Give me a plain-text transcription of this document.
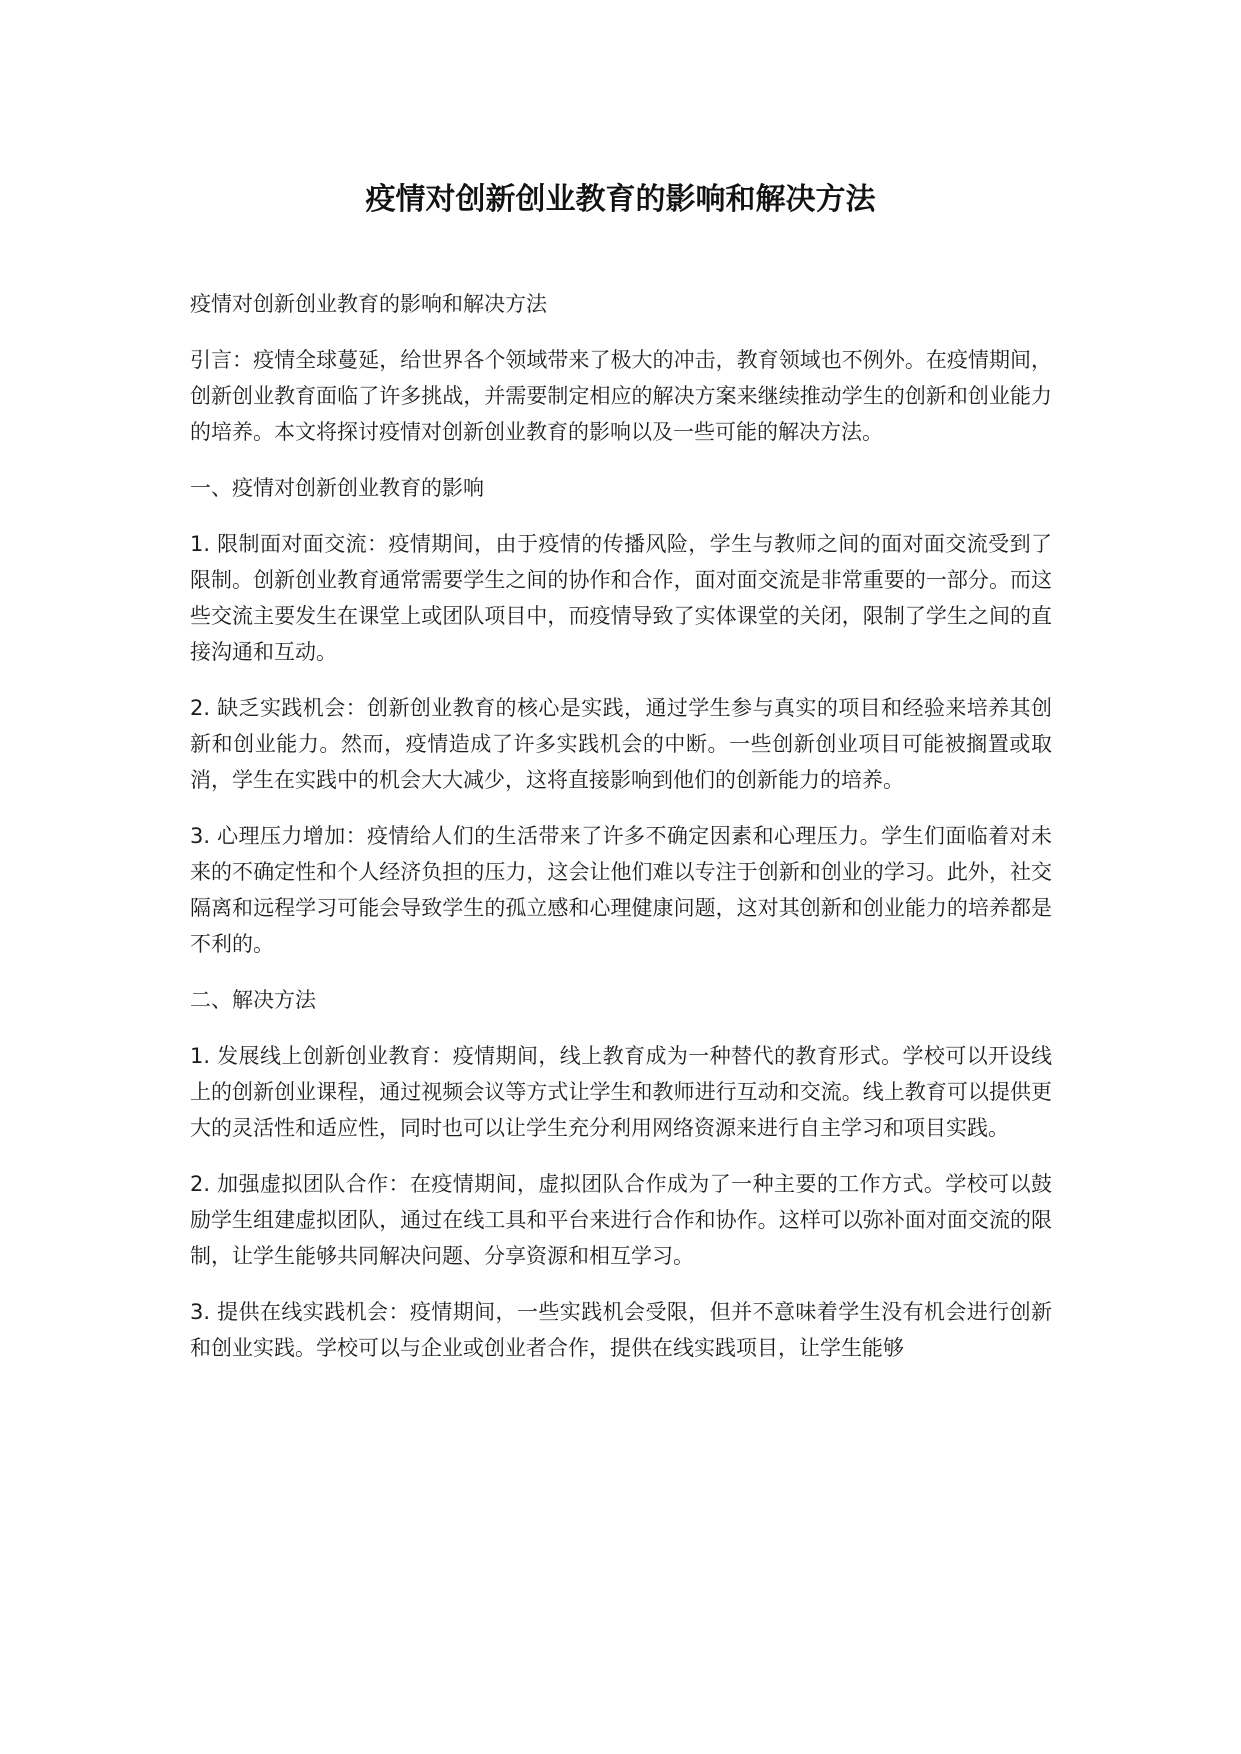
疫情对创新创业教育的影响和解决方法

疫情对创新创业教育的影响和解决方法

引言：疫情全球蔓延，给世界各个领域带来了极大的冲击，教育领域也不例外。在疫情期间，创新创业教育面临了许多挑战，并需要制定相应的解决方案来继续推动学生的创新和创业能力的培养。本文将探讨疫情对创新创业教育的影响以及一些可能的解决方法。

一、疫情对创新创业教育的影响

1. 限制面对面交流：疫情期间，由于疫情的传播风险，学生与教师之间的面对面交流受到了限制。创新创业教育通常需要学生之间的协作和合作，面对面交流是非常重要的一部分。而这些交流主要发生在课堂上或团队项目中，而疫情导致了实体课堂的关闭，限制了学生之间的直接沟通和互动。

2. 缺乏实践机会：创新创业教育的核心是实践，通过学生参与真实的项目和经验来培养其创新和创业能力。然而，疫情造成了许多实践机会的中断。一些创新创业项目可能被搁置或取消，学生在实践中的机会大大减少，这将直接影响到他们的创新能力的培养。

3. 心理压力增加：疫情给人们的生活带来了许多不确定因素和心理压力。学生们面临着对未来的不确定性和个人经济负担的压力，这会让他们难以专注于创新和创业的学习。此外，社交隔离和远程学习可能会导致学生的孤立感和心理健康问题，这对其创新和创业能力的培养都是不利的。

二、解决方法

1. 发展线上创新创业教育：疫情期间，线上教育成为一种替代的教育形式。学校可以开设线上的创新创业课程，通过视频会议等方式让学生和教师进行互动和交流。线上教育可以提供更大的灵活性和适应性，同时也可以让学生充分利用网络资源来进行自主学习和项目实践。

2. 加强虚拟团队合作：在疫情期间，虚拟团队合作成为了一种主要的工作方式。学校可以鼓励学生组建虚拟团队，通过在线工具和平台来进行合作和协作。这样可以弥补面对面交流的限制，让学生能够共同解决问题、分享资源和相互学习。

3. 提供在线实践机会：疫情期间，一些实践机会受限，但并不意味着学生没有机会进行创新和创业实践。学校可以与企业或创业者合作，提供在线实践项目，让学生能够
